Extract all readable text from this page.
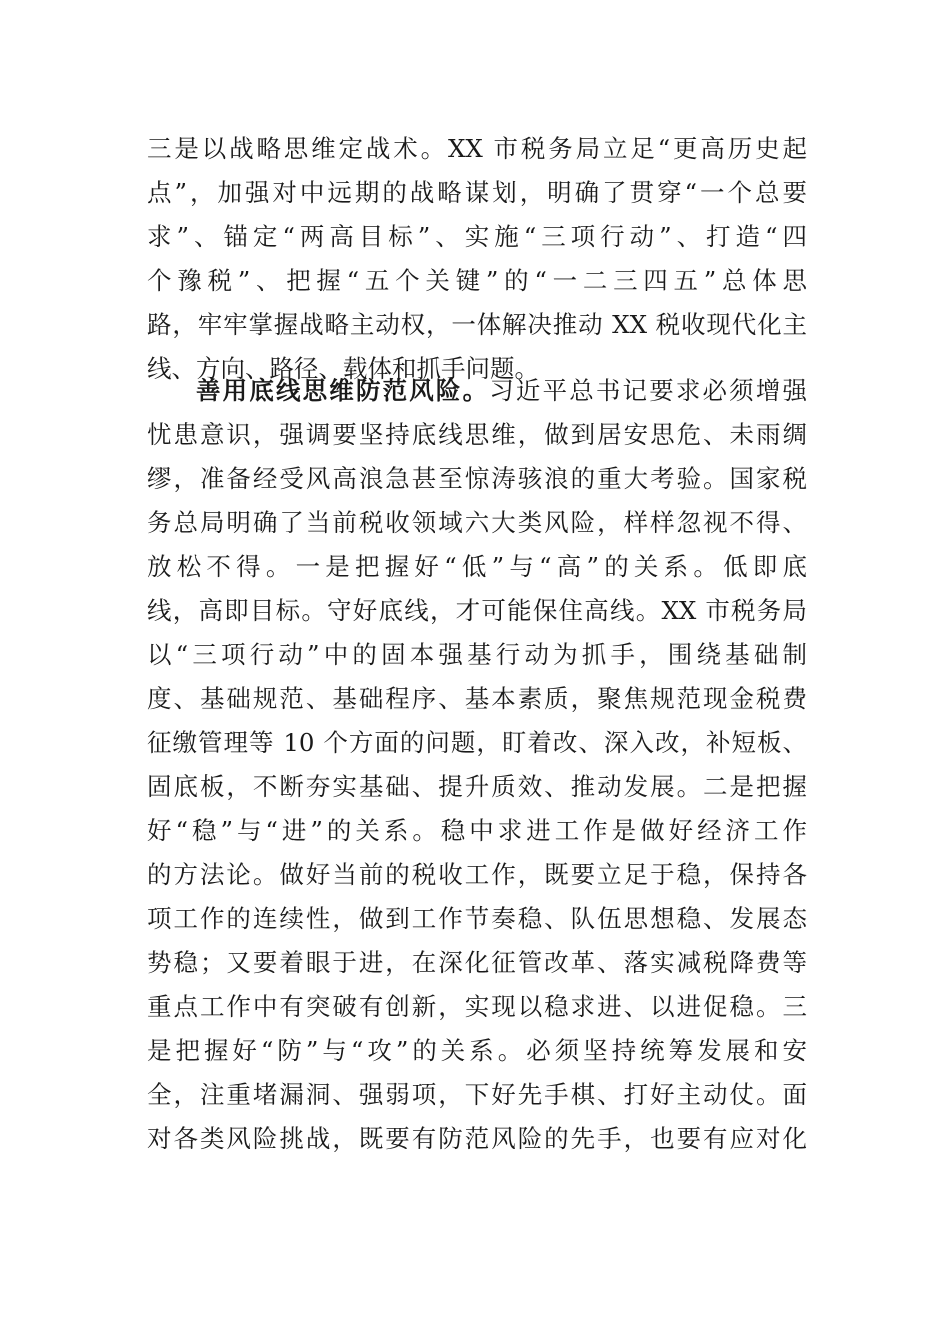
三是以战略思维定战术。XX 市税务局立足“更高历史起
点”，加强对中远期的战略谋划，明确了贯穿“一个总要
求”、锚定“两高目标”、实施“三项行动”、打造“四
个豫税”、把握“五个关键”的“一二三四五”总体思
路，牢牢掌握战略主动权，一体解决推动 XX 税收现代化主
线、方向、路径、载体和抓手问题。
善用底线思维防范风险。习近平总书记要求必须增强
忧患意识，强调要坚持底线思维，做到居安思危、未雨绸
缪，准备经受风高浪急甚至惊涛骇浪的重大考验。国家税
务总局明确了当前税收领域六大类风险，样样忽视不得、
放松不得。一是把握好“低”与“高”的关系。低即底
线，高即目标。守好底线，才可能保住高线。XX 市税务局
以“三项行动”中的固本强基行动为抓手，围绕基础制
度、基础规范、基础程序、基本素质，聚焦规范现金税费
征缴管理等 10 个方面的问题，盯着改、深入改，补短板、
固底板，不断夯实基础、提升质效、推动发展。二是把握
好“稳”与“进”的关系。稳中求进工作是做好经济工作
的方法论。做好当前的税收工作，既要立足于稳，保持各
项工作的连续性，做到工作节奏稳、队伍思想稳、发展态
势稳；又要着眼于进，在深化征管改革、落实减税降费等
重点工作中有突破有创新，实现以稳求进、以进促稳。三
是把握好“防”与“攻”的关系。必须坚持统筹发展和安
全，注重堵漏洞、强弱项，下好先手棋、打好主动仗。面
对各类风险挑战，既要有防范风险的先手，也要有应对化
